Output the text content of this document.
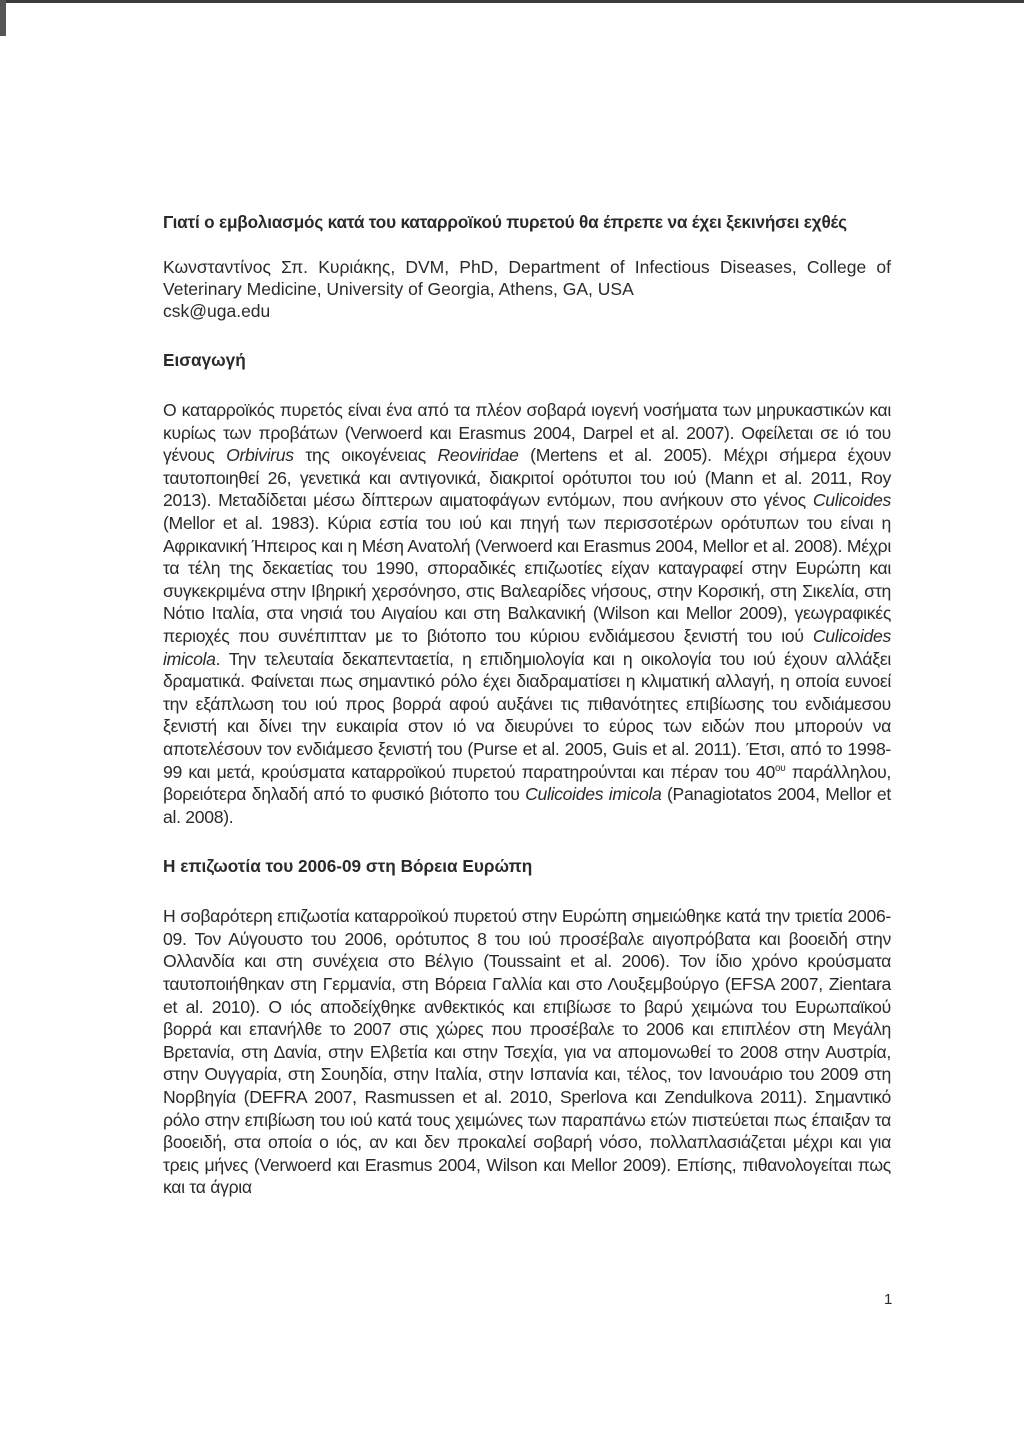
Γιατί ο εμβολιασμός κατά του καταρροϊκού πυρετού θα έπρεπε να έχει ξεκινήσει εχθές
Κωνσταντίνος Σπ. Κυριάκης, DVM, PhD, Department of Infectious Diseases, College of Veterinary Medicine, University of Georgia, Athens, GA, USA
csk@uga.edu
Εισαγωγή

Ο καταρροϊκός πυρετός είναι ένα από τα πλέον σοβαρά ιογενή νοσήματα των μηρυκαστικών και κυρίως των προβάτων (Verwoerd και Erasmus 2004, Darpel et al. 2007). Οφείλεται σε ιό του γένους Orbivirus της οικογένειας Reoviridae (Mertens et al. 2005). Μέχρι σήμερα έχουν ταυτοποιηθεί 26, γενετικά και αντιγονικά, διακριτοί ορότυποι του ιού (Mann et al. 2011, Roy 2013). Μεταδίδεται μέσω δίπτερων αιματοφάγων εντόμων, που ανήκουν στο γένος Culicoides (Mellor et al. 1983). Κύρια εστία του ιού και πηγή των περισσοτέρων ορότυπων του είναι η Αφρικανική Ήπειρος και η Μέση Ανατολή (Verwoerd και Erasmus 2004, Mellor et al. 2008). Μέχρι τα τέλη της δεκαετίας του 1990, σποραδικές επιζωοτίες είχαν καταγραφεί στην Ευρώπη και συγκεκριμένα στην Ιβηρική χερσόνησο, στις Βαλεαρίδες νήσους, στην Κορσική, στη Σικελία, στη Νότιο Ιταλία, στα νησιά του Αιγαίου και στη Βαλκανική (Wilson και Mellor 2009), γεωγραφικές περιοχές που συνέπιπταν με το βιότοπο του κύριου ενδιάμεσου ξενιστή του ιού Culicoides imicola. Την τελευταία δεκαπενταετία, η επιδημιολογία και η οικολογία του ιού έχουν αλλάξει δραματικά. Φαίνεται πως σημαντικό ρόλο έχει διαδραματίσει η κλιματική αλλαγή, η οποία ευνοεί την εξάπλωση του ιού προς βορρά αφού αυξάνει τις πιθανότητες επιβίωσης του ενδιάμεσου ξενιστή και δίνει την ευκαιρία στον ιό να διευρύνει το εύρος των ειδών που μπορούν να αποτελέσουν τον ενδιάμεσο ξενιστή του (Purse et al. 2005, Guis et al. 2011). Έτσι, από το 1998-99 και μετά, κρούσματα καταρροϊκού πυρετού παρατηρούνται και πέραν του $40^{o\upsilon}$ παράλληλου, βορειότερα δηλαδή από το φυσικό βιότοπο του Culicoides imicola (Panagiotatos 2004, Mellor et al. 2008).

Η επιζωοτία του 2006-09 στη Βόρεια Ευρώπη

Η σοβαρότερη επιζωοτία καταρροϊκού πυρετού στην Ευρώπη σημειώθηκε κατά την τριετία 2006-09. Τον Αύγουστο του 2006, ορότυπος 8 του ιού προσέβαλε αιγοπρόβατα και βοοειδή στην Ολλανδία και στη συνέχεια στο Βέλγιο (Toussaint et al. 2006). Τον ίδιο χρόνο κρούσματα ταυτοποιήθηκαν στη Γερμανία, στη Βόρεια Γαλλία και στο Λουξεμβούργο (EFSA 2007, Zientara et al. 2010). Ο ιός αποδείχθηκε ανθεκτικός και επιβίωσε το βαρύ χειμώνα του Ευρωπαϊκού βορρά και επανήλθε το 2007 στις χώρες που προσέβαλε το 2006 και επιπλέον στη Μεγάλη Βρετανία, στη Δανία, στην Ελβετία και στην Τσεχία, για να απομονωθεί το 2008 στην Αυστρία, στην Ουγγαρία, στη Σουηδία, στην Ιταλία, στην Ισπανία και, τέλος, τον Ιανουάριο του 2009 στη Νορβηγία (DEFRA 2007, Rasmussen et al. 2010, Sperlova και Zendulkova 2011). Σημαντικό ρόλο στην επιβίωση του ιού κατά τους χειμώνες των παραπάνω ετών πιστεύεται πως έπαιξαν τα βοοειδή, στα οποία ο ιός, αν και δεν προκαλεί σοβαρή νόσο, πολλαπλασιάζεται μέχρι και για τρεις μήνες (Verwoerd και Erasmus 2004, Wilson και Mellor 2009). Επίσης, πιθανολογείται πως και τα άγρια

1
